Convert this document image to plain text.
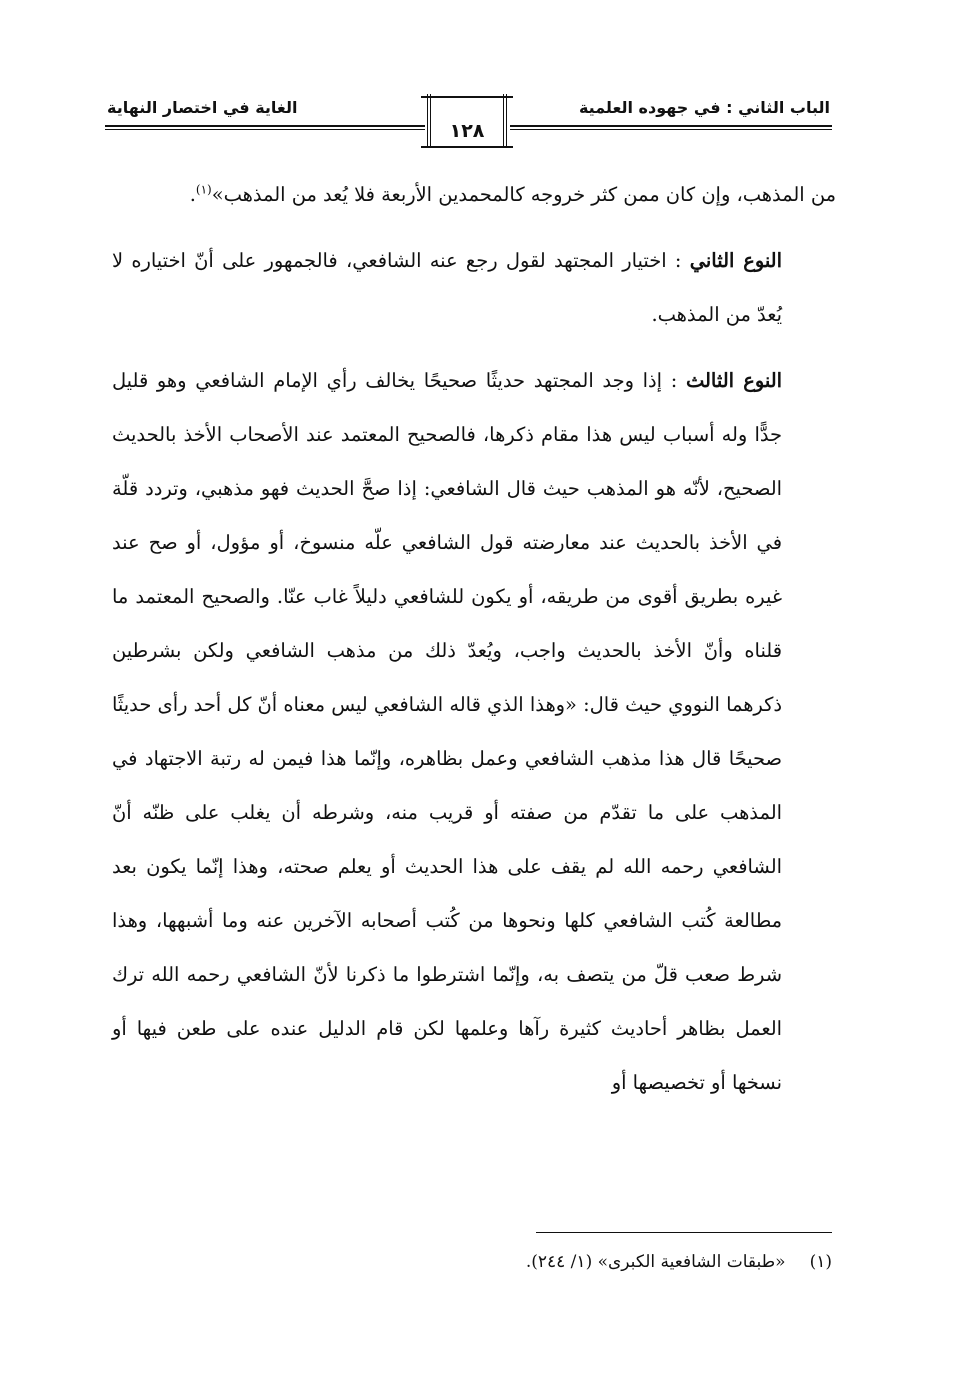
الباب الثاني : في جهوده العلمية
الغاية في اختصار النهاية
١٢٨

من المذهب، وإن كان ممن كثر خروجه كالمحمدين الأربعة فلا يُعد من المذهب»$^{(١)}$.

النوع الثاني : اختيار المجتهد لقول رجع عنه الشافعي، فالجمهور على أنّ اختياره لا يُعدّ من المذهب.

النوع الثالث : إذا وجد المجتهد حديثًا صحيحًا يخالف رأي الإمام الشافعي وهو قليل جدًّا وله أسباب ليس هذا مقام ذكرها، فالصحيح المعتمد عند الأصحاب الأخذ بالحديث الصحيح، لأنّه هو المذهب حيث قال الشافعي: إذا صحَّ الحديث فهو مذهبي، وتردد قلّة في الأخذ بالحديث عند معارضته قول الشافعي علّه منسوخ، أو مؤول، أو صح عند غيره بطريق أقوى من طريقه، أو يكون للشافعي دليلاً غاب عنّا. والصحيح المعتمد ما قلناه وأنّ الأخذ بالحديث واجب، ويُعدّ ذلك من مذهب الشافعي ولكن بشرطين ذكرهما النووي حيث قال: «وهذا الذي قاله الشافعي ليس معناه أنّ كل أحد رأى حديثًا صحيحًا قال هذا مذهب الشافعي وعمل بظاهره، وإنّما هذا فيمن له رتبة الاجتهاد في المذهب على ما تقدّم من صفته أو قريب منه، وشرطه أن يغلب على ظنّه أنّ الشافعي رحمه الله لم يقف على هذا الحديث أو يعلم صحته، وهذا إنّما يكون بعد مطالعة كُتب الشافعي كلها ونحوها من كُتب أصحابه الآخرين عنه وما أشبهها، وهذا شرط صعب قلّ من يتصف به، وإنّما اشترطوا ما ذكرنا لأنّ الشافعي رحمه الله ترك العمل بظاهر أحاديث كثيرة رآها وعلمها لكن قام الدليل عنده على طعن فيها أو نسخها أو تخصيصها أو

(١)«طبقات الشافعية الكبرى» (١/ ٢٤٤).
